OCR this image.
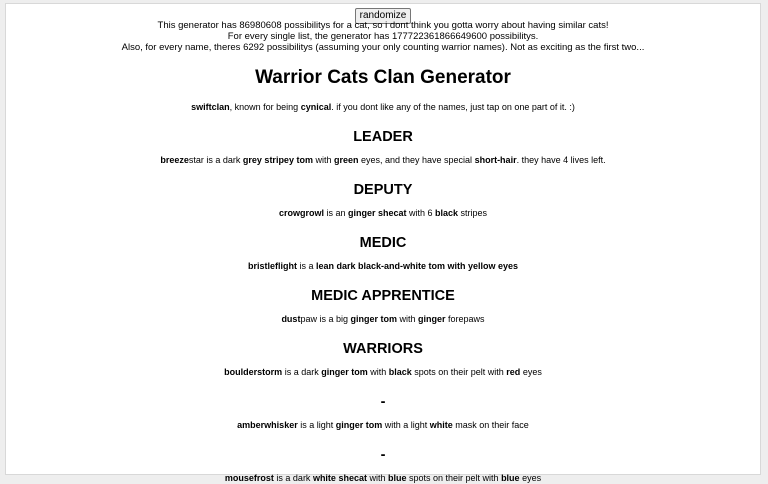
randomize

This generator has 86980608 possibilitys for a cat, so i dont think you gotta worry about having similar cats!

For every single list, the generator has 177722361866649600 possibilitys.

Also, for every name, theres 6292 possibilitys (assuming your only counting warrior names). Not as exciting as the first two...

Warrior Cats Clan Generator

swiftclan, known for being cynical. if you dont like any of the names, just tap on one part of it. :)

LEADER

breezestar is a dark grey stripey tom with green eyes, and they have special short-hair. they have 4 lives left.

DEPUTY

crowgrowl is an ginger shecat with 6 black stripes

MEDIC

bristleflight is a lean dark black-and-white tom with yellow eyes

MEDIC APPRENTICE

dustpaw is a big ginger tom with ginger forepaws

WARRIORS

boulderstorm is a dark ginger tom with black spots on their pelt with red eyes

-

amberwhisker is a light ginger tom with a light white mask on their face

-

mousefrost is a dark white shecat with blue spots on their pelt with blue eyes
